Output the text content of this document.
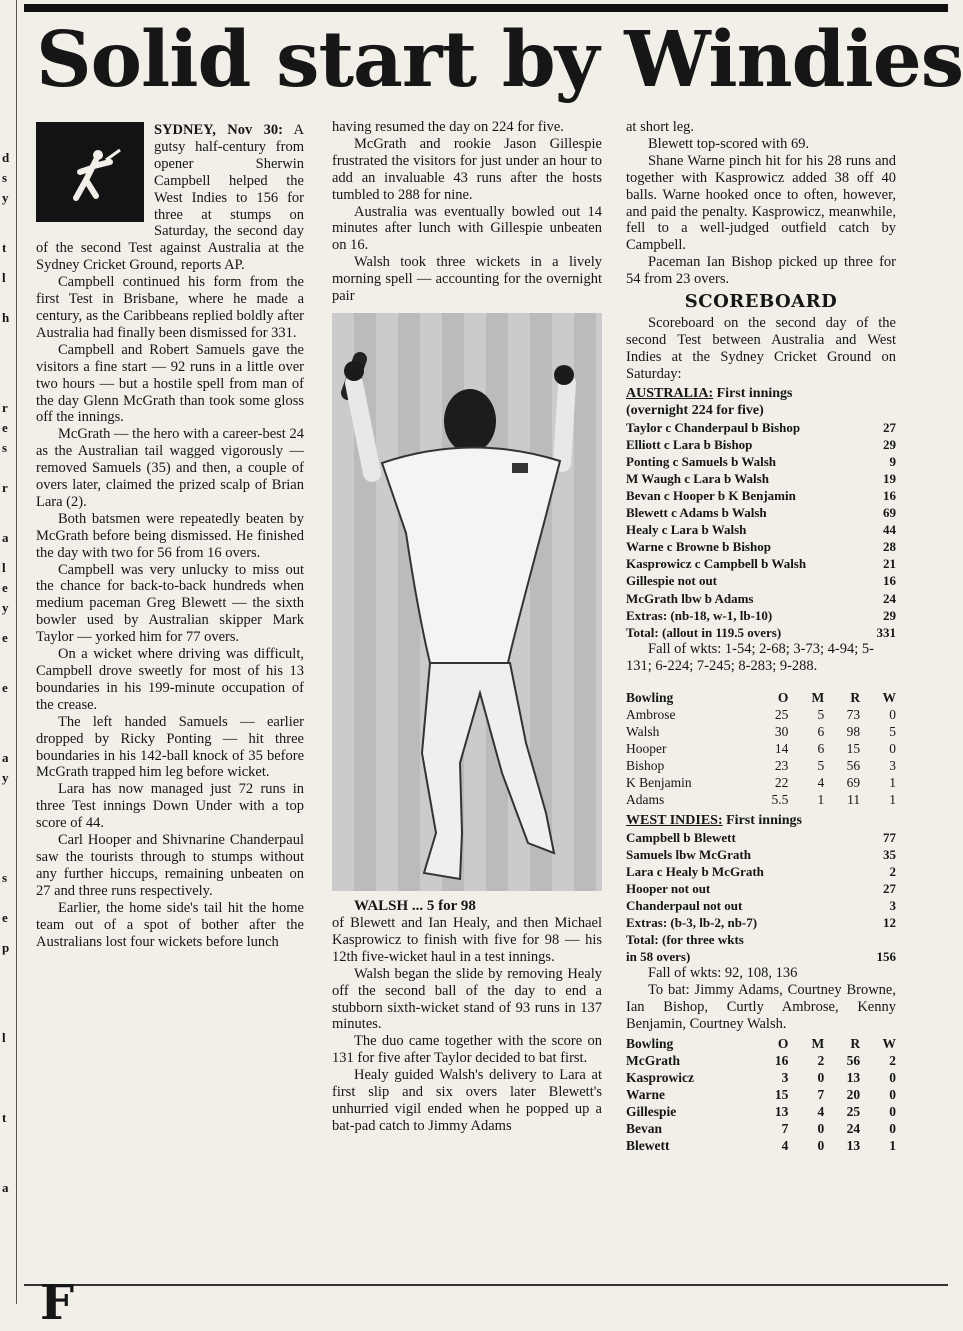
d
s
y
t
l
h
r
e
s
r
a
l
e
y
e
e
a
y
s
e
p
l
t
a
Solid start by Windies

SYDNEY, Nov 30: A gutsy half-century from opener Sherwin Campbell helped the West Indies to 156 for three at stumps on Saturday, the second day of the second Test against Australia at the Sydney Cricket Ground, reports AP.

Campbell continued his form from the first Test in Brisbane, where he made a century, as the Caribbeans replied boldly after Australia had finally been dismissed for 331.

Campbell and Robert Samuels gave the visitors a fine start — 92 runs in a little over two hours — but a hostile spell from man of the day Glenn McGrath than took some gloss off the innings.

McGrath — the hero with a career-best 24 as the Australian tail wagged vigorously — removed Samuels (35) and then, a couple of overs later, claimed the prized scalp of Brian Lara (2).

Both batsmen were repeatedly beaten by McGrath before being dismissed. He finished the day with two for 56 from 16 overs.

Campbell was very unlucky to miss out the chance for back-to-back hundreds when medium paceman Greg Blewett — the sixth bowler used by Australian skipper Mark Taylor — yorked him for 77 overs.

On a wicket where driving was difficult, Campbell drove sweetly for most of his 13 boundaries in his 199-minute occupation of the crease.

The left handed Samuels — earlier dropped by Ricky Ponting — hit three boundaries in his 142-ball knock of 35 before McGrath trapped him leg before wicket.

Lara has now managed just 72 runs in three Test innings Down Under with a top score of 44.

Carl Hooper and Shivnarine Chanderpaul saw the tourists through to stumps without any further hiccups, remaining unbeaten on 27 and three runs respectively.

Earlier, the home side's tail hit the home team out of a spot of bother after the Australians lost four wickets before lunch

having resumed the day on 224 for five.

McGrath and rookie Jason Gillespie frustrated the visitors for just under an hour to add an invaluable 43 runs after the hosts tumbled to 288 for nine.

Australia was eventually bowled out 14 minutes after lunch with Gillespie unbeaten on 16.

Walsh took three wickets in a lively morning spell — accounting for the overnight pair

WALSH ... 5 for 98

of Blewett and Ian Healy, and then Michael Kasprowicz to finish with five for 98 — his 12th five-wicket haul in a test innings.

Walsh began the slide by removing Healy off the second ball of the day to end a stubborn sixth-wicket stand of 93 runs in 137 minutes.

The duo came together with the score on 131 for five after Taylor decided to bat first.

Healy guided Walsh's delivery to Lara at first slip and six overs later Blewett's unhurried vigil ended when he popped up a bat-pad catch to Jimmy Adams

at short leg.

Blewett top-scored with 69.

Shane Warne pinch hit for his 28 runs and together with Kasprowicz added 38 off 40 balls. Warne hooked once to often, however, and paid the penalty. Kasprowicz, meanwhile, fell to a well-judged outfield catch by Campbell.

Paceman Ian Bishop picked up three for 54 from 23 overs.

SCOREBOARD

Scoreboard on the second day of the second Test between Australia and West Indies at the Sydney Cricket Ground on Saturday:

AUSTRALIA: First innings
(overnight 224 for five)
Taylor c Chanderpaul b Bishop	27
Elliott c Lara b Bishop	29
Ponting c Samuels b Walsh	9
M Waugh c Lara b Walsh	19
Bevan c Hooper b K Benjamin	16
Blewett c Adams b Walsh	69
Healy c Lara b Walsh	44
Warne c Browne b Bishop	28
Kasprowicz c Campbell b Walsh	21
Gillespie not out	16
McGrath lbw b Adams	24
Extras: (nb-18, w-1, lb-10)	29
Total: (allout in 119.5 overs)	331

Fall of wkts: 1-54; 2-68; 3-73; 4-94; 5-131; 6-224; 7-245; 8-283; 9-288.

Bowling	O	M	R	W
Ambrose	25	5	73	0
Walsh	30	6	98	5
Hooper	14	6	15	0
Bishop	23	5	56	3
K Benjamin	22	4	69	1
Adams	5.5	1	11	1
WEST INDIES: First innings
Campbell b Blewett	77
Samuels lbw McGrath	35
Lara c Healy b McGrath	2
Hooper not out	27
Chanderpaul not out	3
Extras: (b-3, lb-2, nb-7)	12
Total: (for three wkts
in 58 overs)	156

Fall of wkts: 92, 108, 136

To bat: Jimmy Adams, Courtney Browne, Ian Bishop, Curtly Ambrose, Kenny Benjamin, Courtney Walsh.

Bowling	O	M	R	W
McGrath	16	2	56	2
Kasprowicz	3	0	13	0
Warne	15	7	20	0
Gillespie	13	4	25	0
Bevan	7	0	24	0
Blewett	4	0	13	1
F
